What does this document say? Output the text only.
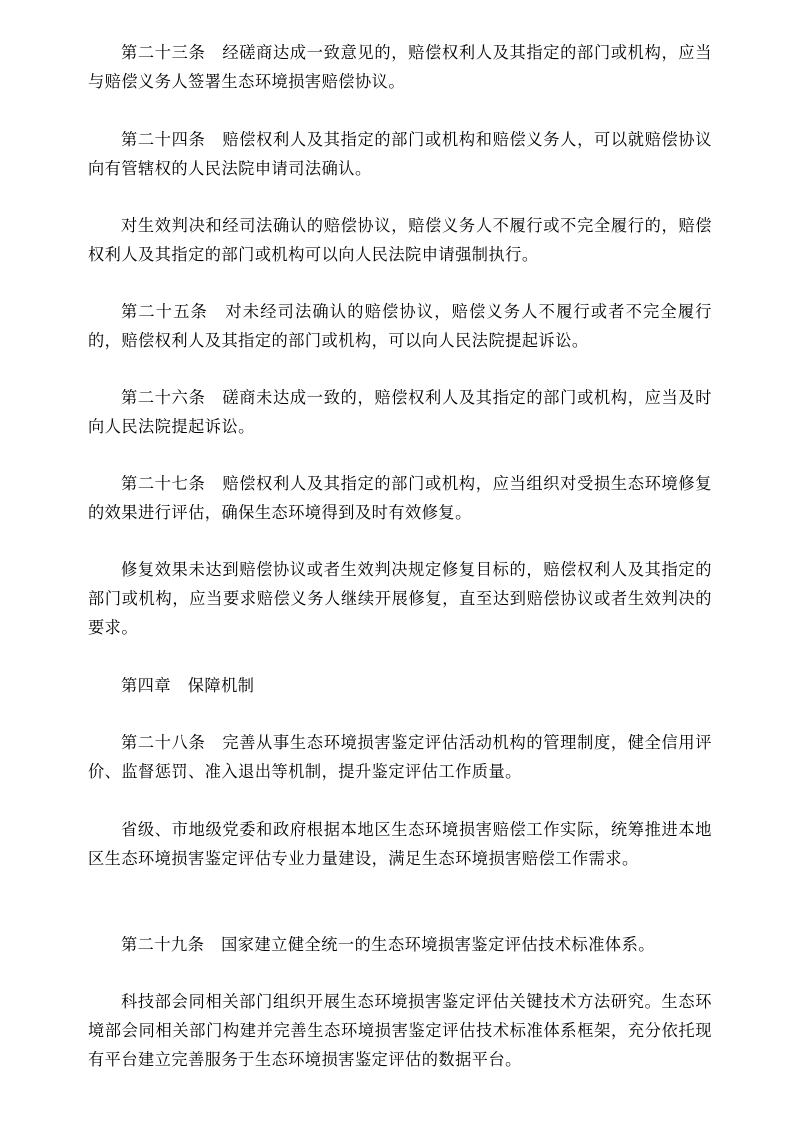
第二十三条　经磋商达成一致意见的，赔偿权利人及其指定的部门或机构，应当与赔偿义务人签署生态环境损害赔偿协议。

第二十四条　赔偿权利人及其指定的部门或机构和赔偿义务人，可以就赔偿协议向有管辖权的人民法院申请司法确认。

对生效判决和经司法确认的赔偿协议，赔偿义务人不履行或不完全履行的，赔偿权利人及其指定的部门或机构可以向人民法院申请强制执行。

第二十五条　对未经司法确认的赔偿协议，赔偿义务人不履行或者不完全履行的，赔偿权利人及其指定的部门或机构，可以向人民法院提起诉讼。

第二十六条　磋商未达成一致的，赔偿权利人及其指定的部门或机构，应当及时向人民法院提起诉讼。

第二十七条　赔偿权利人及其指定的部门或机构，应当组织对受损生态环境修复的效果进行评估，确保生态环境得到及时有效修复。

修复效果未达到赔偿协议或者生效判决规定修复目标的，赔偿权利人及其指定的部门或机构，应当要求赔偿义务人继续开展修复，直至达到赔偿协议或者生效判决的要求。

第四章　保障机制

第二十八条　完善从事生态环境损害鉴定评估活动机构的管理制度，健全信用评价、监督惩罚、准入退出等机制，提升鉴定评估工作质量。

省级、市地级党委和政府根据本地区生态环境损害赔偿工作实际，统筹推进本地区生态环境损害鉴定评估专业力量建设，满足生态环境损害赔偿工作需求。

第二十九条　国家建立健全统一的生态环境损害鉴定评估技术标准体系。

科技部会同相关部门组织开展生态环境损害鉴定评估关键技术方法研究。生态环境部会同相关部门构建并完善生态环境损害鉴定评估技术标准体系框架，充分依托现有平台建立完善服务于生态环境损害鉴定评估的数据平台。
